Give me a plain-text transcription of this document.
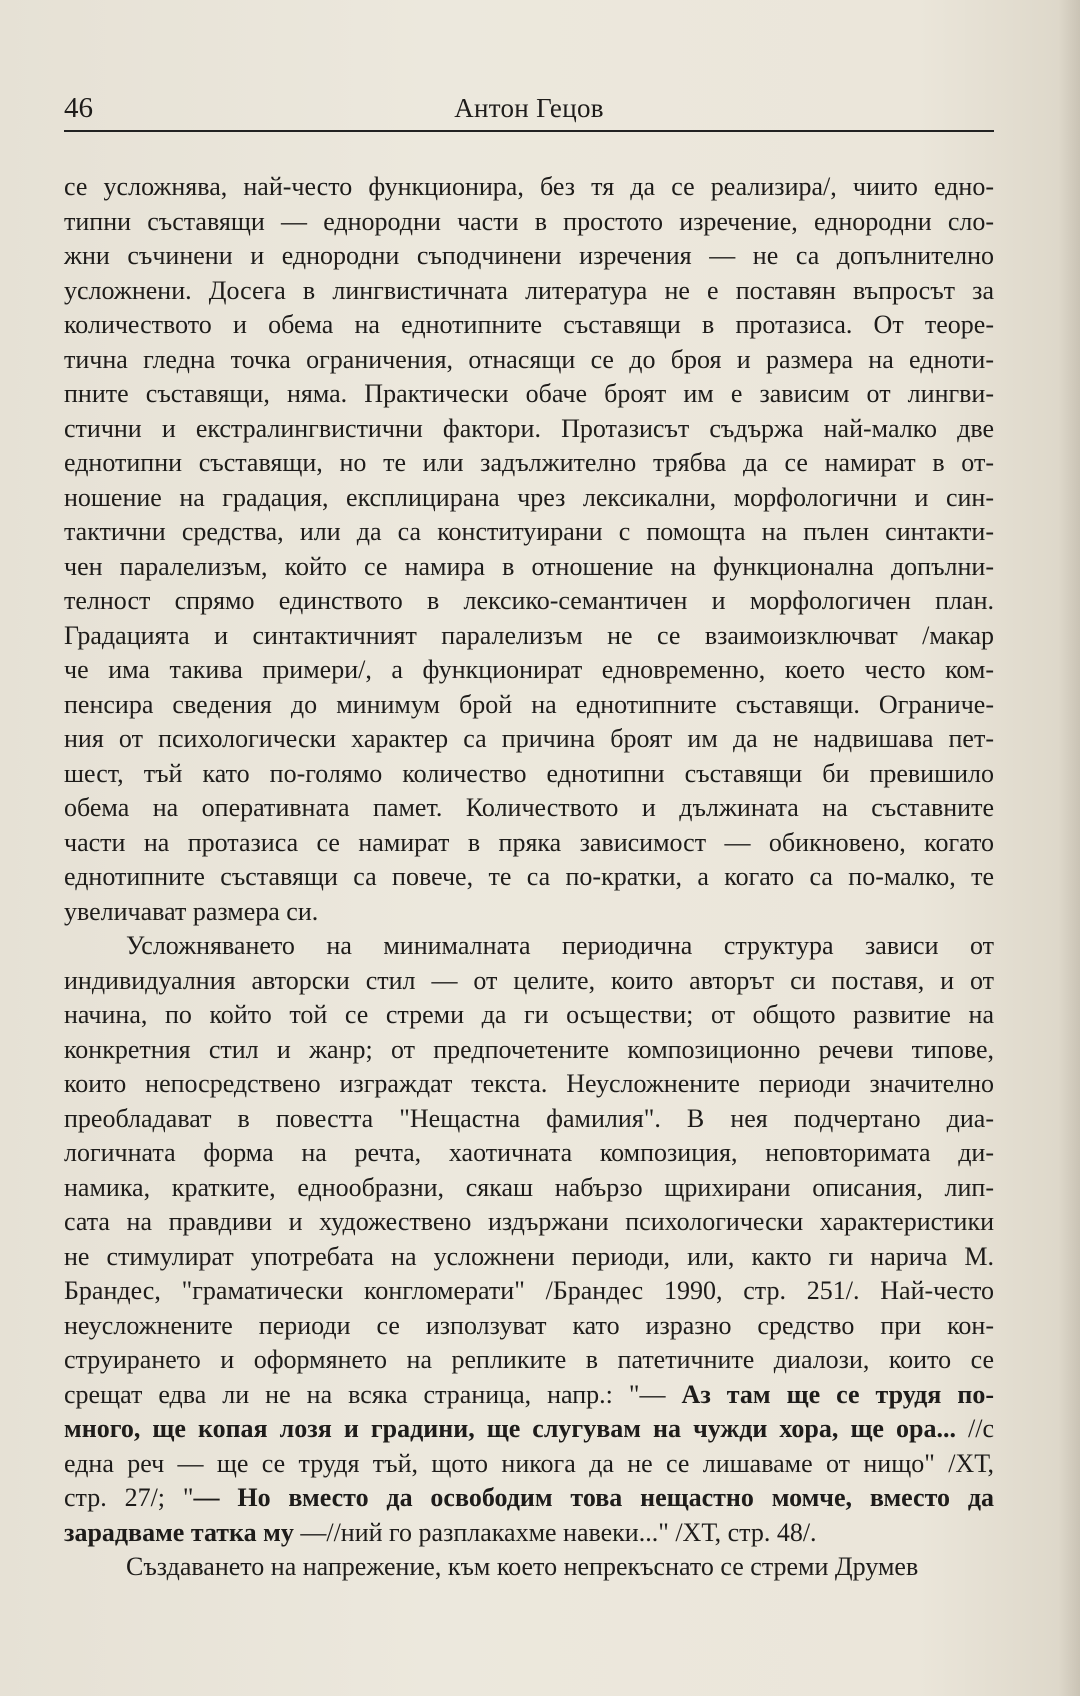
46	Антон Гецов
се усложнява, най-често функционира, без тя да се реализира/, чиито едно-
типни съставящи — еднородни части в простото изречение, еднородни сло-
жни съчинени и еднородни съподчинени изречения — не са допълнително
усложнени. Досега в лингвистичната литература не е поставян въпросът за
количеството и обема на еднотипните съставящи в протазиса. От теоре-
тична гледна точка ограничения, отнасящи се до броя и размера на едноти-
пните съставящи, няма. Практически обаче броят им е зависим от лингви-
стични и екстралингвистични фактори. Протазисът съдържа най-малко две
еднотипни съставящи, но те или задължително трябва да се намират в от-
ношение на градация, експлицирана чрез лексикални, морфологични и син-
тактични средства, или да са конституирани с помощта на пълен синтакти-
чен паралелизъм, който се намира в отношение на функционална допълни-
телност спрямо единството в лексико-семантичен и морфологичен план.
Градацията и синтактичният паралелизъм не се взаимоизключват /макар
че има такива примери/, а функционират едновременно, което често ком-
пенсира сведения до минимум брой на еднотипните съставящи. Ограниче-
ния от психологически характер са причина броят им да не надвишава пет-
шест, тъй като по-голямо количество еднотипни съставящи би превишило
обема на оперативната памет. Количеството и дължината на съставните
части на протазиса се намират в пряка зависимост — обикновено, когато
еднотипните съставящи са повече, те са по-кратки, а когато са по-малко, те
увеличават размера си.
Усложняването на минималната периодична структура зависи от
индивидуалния авторски стил — от целите, които авторът си поставя, и от
начина, по който той се стреми да ги осъществи; от общото развитие на
конкретния стил и жанр; от предпочетените композиционно речеви типове,
които непосредствено изграждат текста. Неусложнените периоди значително
преобладават в повестта "Нещастна фамилия". В нея подчертано диа-
логичната форма на речта, хаотичната композиция, неповторимата ди-
намика, кратките, еднообразни, сякаш набързо щрихирани описания, лип-
сата на правдиви и художествено издържани психологически характеристики
не стимулират употребата на усложнени периоди, или, както ги нарича М.
Брандес, "граматически конгломерати" /Брандес 1990, стр. 251/. Най-често
неусложнените периоди се използуват като изразно средство при кон-
струирането и оформянето на репликите в патетичните диалози, които се
срещат едва ли не на всяка страница, напр.: "— Аз там ще се трудя по-
много, ще копая лозя и градини, ще слугувам на чужди хора, ще ора... //с
една реч — ще се трудя тъй, щото никога да не се лишаваме от нищо" /ХТ,
стр. 27/; "— Но вместо да освободим това нещастно момче, вместо да
зарадваме татка му —//ний го разплакахме навеки..." /ХТ, стр. 48/.
Създаването на напрежение, към което непрекъснато се стреми Друмев
